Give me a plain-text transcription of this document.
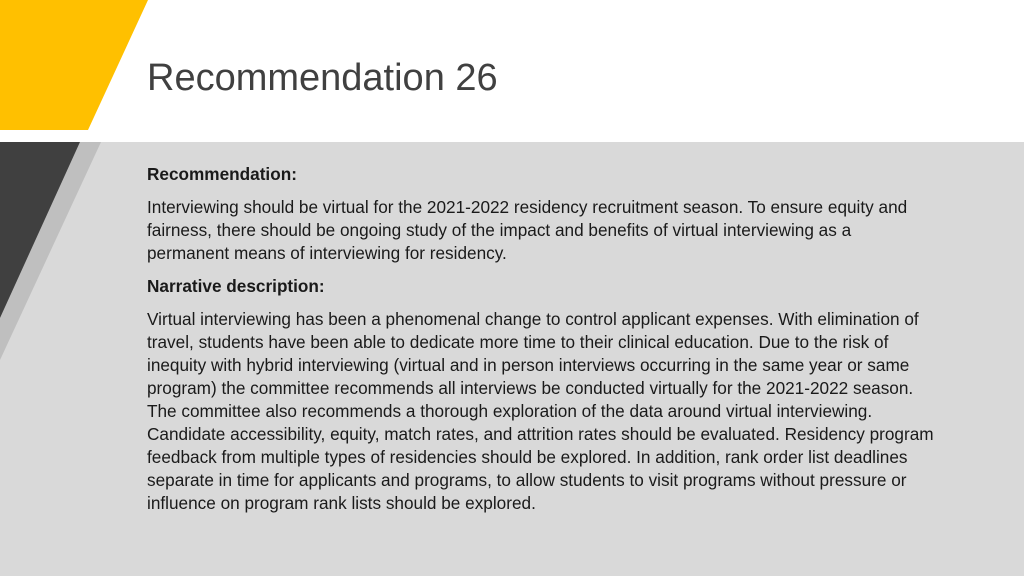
Recommendation 26

Recommendation:

Interviewing should be virtual for the 2021-2022 residency recruitment season. To ensure equity and fairness, there should be ongoing study of the impact and benefits of virtual interviewing as a permanent means of interviewing for residency.

Narrative description:

Virtual interviewing has been a phenomenal change to control applicant expenses. With elimination of travel, students have been able to dedicate more time to their clinical education. Due to the risk of inequity with hybrid interviewing (virtual and in person interviews occurring in the same year or same program) the committee recommends all interviews be conducted virtually for the 2021-2022 season. The committee also recommends a thorough exploration of the data around virtual interviewing. Candidate accessibility, equity, match rates, and attrition rates should be evaluated. Residency program feedback from multiple types of residencies should be explored. In addition, rank order list deadlines separate in time for applicants and programs, to allow students to visit programs without pressure or influence on program rank lists should be explored.
